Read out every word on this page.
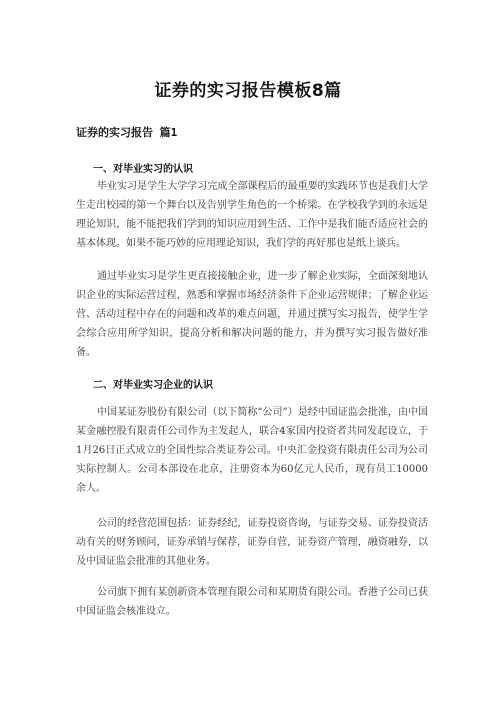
证券的实习报告模板8篇
证券的实习报告 篇1
一、对毕业实习的认识

毕业实习是学生大学学习完成全部课程后的最重要的实践环节也是我们大学生走出校园的第一个舞台以及告别学生角色的一个桥梁。在学校我学到的永远是理论知识，能不能把我们学到的知识应用到生活、工作中是我们能否适应社会的基本体现。如果不能巧妙的应用理论知识，我们学的再好那也是纸上谈兵。

通过毕业实习是学生更直接接触企业，进一步了解企业实际，全面深刻地认识企业的实际运营过程，熟悉和掌握市场经济条件下企业运营规律；了解企业运营、活动过程中存在的问题和改革的难点问题，并通过撰写实习报告，使学生学会综合应用所学知识，提高分析和解决问题的能力，并为撰写实习报告做好准备。

二、对毕业实习企业的认识

中国某证券股份有限公司（以下简称“公司”）是经中国证监会批准，由中国某金融控股有限责任公司作为主发起人，联合4家国内投资者共同发起设立，于1月26日正式成立的全国性综合类证券公司。中央汇金投资有限责任公司为公司实际控制人。公司本部设在北京，注册资本为60亿元人民币，现有员工10000余人。

公司的经营范围包括：证券经纪，证券投资咨询，与证券交易、证券投资活动有关的财务顾问，证券承销与保荐，证券自营，证券资产管理，融资融券，以及中国证监会批准的其他业务。

公司旗下拥有某创新资本管理有限公司和某期货有限公司。香港子公司已获中国证监会核准设立。
